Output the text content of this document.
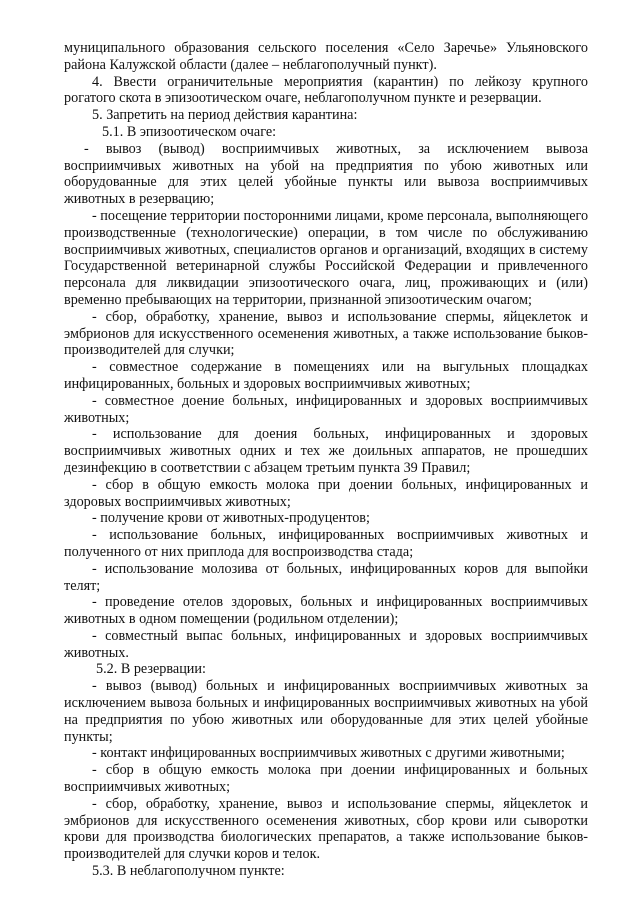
муниципального образования сельского поселения «Село Заречье» Ульяновского
района Калужской области (далее – неблагополучный пункт).
4. Ввести ограничительные мероприятия (карантин) по лейкозу крупного
рогатого скота в эпизоотическом очаге, неблагополучном пункте и резервации.
5. Запретить на период действия карантина:
5.1. В эпизоотическом очаге:
- вывоз (вывод) восприимчивых животных, за исключением вывоза
восприимчивых животных на убой на предприятия по убою животных или
оборудованные для этих целей убойные пункты или вывоза восприимчивых
животных в резервацию;
- посещение территории посторонними лицами, кроме персонала, выполняющего
производственные (технологические) операции, в том числе по обслуживанию
восприимчивых животных, специалистов органов и организаций, входящих в систему
Государственной ветеринарной службы Российской Федерации и привлеченного
персонала для ликвидации эпизоотического очага, лиц, проживающих и (или)
временно пребывающих на территории, признанной эпизоотическим очагом;
- сбор, обработку, хранение, вывоз и использование спермы, яйцеклеток и
эмбрионов для искусственного осеменения животных, а также использование быков-
производителей для случки;
- совместное содержание в помещениях или на выгульных площадках
инфицированных, больных и здоровых восприимчивых животных;
- совместное доение больных, инфицированных и здоровых восприимчивых
животных;
- использование для доения больных, инфицированных и здоровых
восприимчивых животных одних и тех же доильных аппаратов, не прошедших
дезинфекцию в соответствии с абзацем третьим пункта 39 Правил;
- сбор в общую емкость молока при доении больных, инфицированных и
здоровых восприимчивых животных;
- получение крови от животных-продуцентов;
- использование больных, инфицированных восприимчивых животных и
полученного от них приплода для воспроизводства стада;
- использование молозива от больных, инфицированных коров для выпойки
телят;
- проведение отелов здоровых, больных и инфицированных восприимчивых
животных в одном помещении (родильном отделении);
- совместный выпас больных, инфицированных и здоровых восприимчивых
животных.
5.2. В резервации:
- вывоз (вывод) больных и инфицированных восприимчивых животных за
исключением вывоза больных и инфицированных восприимчивых животных на убой
на предприятия по убою животных или оборудованные для этих целей убойные
пункты;
- контакт инфицированных восприимчивых животных с другими животными;
- сбор в общую емкость молока при доении инфицированных и больных
восприимчивых животных;
- сбор, обработку, хранение, вывоз и использование спермы, яйцеклеток и
эмбрионов для искусственного осеменения животных, сбор крови или сыворотки
крови для производства биологических препаратов, а также использование быков-
производителей для случки коров и телок.
5.3. В неблагополучном пункте:
